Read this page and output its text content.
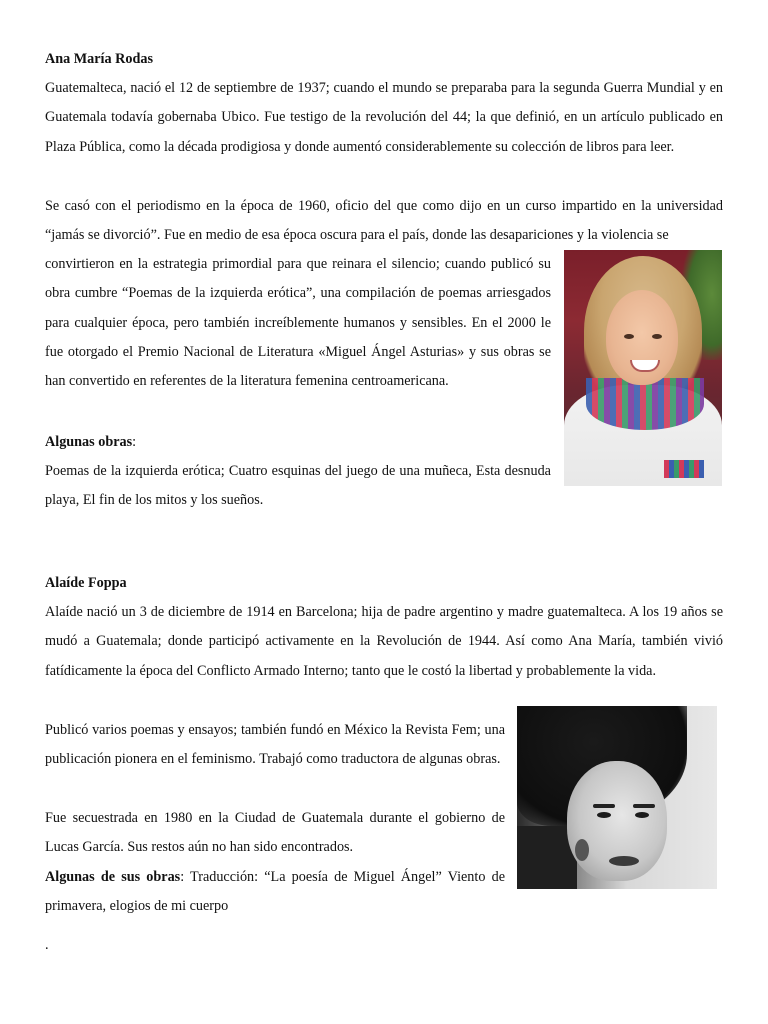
Ana María Rodas
Guatemalteca, nació el 12 de septiembre de 1937; cuando el mundo se preparaba para la segunda Guerra Mundial y en Guatemala todavía gobernaba Ubico. Fue testigo de la revolución del 44; la que definió, en un artículo publicado en Plaza Pública, como la década prodigiosa y donde aumentó considerablemente su colección de libros para leer.
Se casó con el periodismo en la época de 1960, oficio del que como dijo en un curso impartido en la universidad “jamás se divorció”. Fue en medio de esa época oscura para el país, donde las desapariciones y la violencia se
convirtieron en la estrategia primordial para que reinara el silencio; cuando publicó su obra cumbre “Poemas de la izquierda erótica”, una compilación de poemas arriesgados para cualquier época, pero también increíblemente humanos y sensibles. En el 2000 le fue otorgado el Premio Nacional de Literatura «Miguel Ángel Asturias» y sus obras se han convertido en referentes de la literatura femenina centroamericana.
Algunas obras:
Poemas de la izquierda erótica; Cuatro esquinas del juego de una muñeca, Esta desnuda playa, El fin de los mitos y los sueños.
Alaíde Foppa
Alaíde nació un 3 de diciembre de 1914 en Barcelona; hija de padre argentino y madre guatemalteca. A los 19 años se mudó a Guatemala; donde participó activamente en la Revolución de 1944. Así como Ana María, también vivió fatídicamente la época del Conflicto Armado Interno; tanto que le costó la libertad y probablemente la vida.
Publicó varios poemas y ensayos; también fundó en México la Revista Fem; una publicación pionera en el feminismo. Trabajó como traductora de algunas obras.
Fue secuestrada en 1980 en la Ciudad de Guatemala durante el gobierno de Lucas García. Sus restos aún no han sido encontrados.
Algunas de sus obras: Traducción: “La poesía de Miguel Ángel” Viento de primavera, elogios de mi cuerpo
.
